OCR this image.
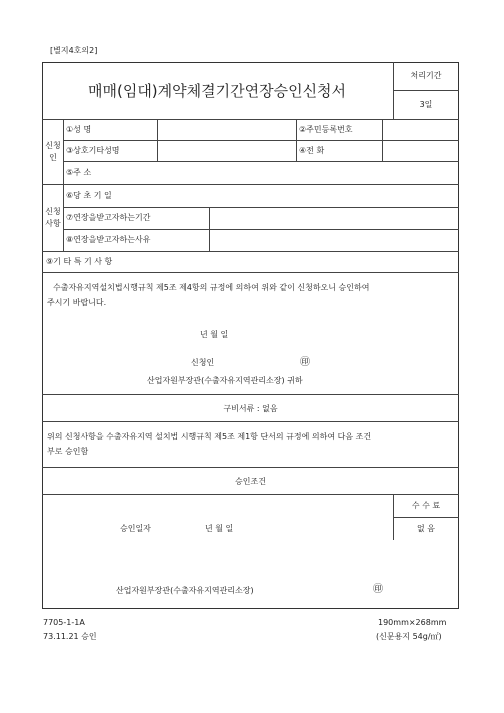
[별지4호의2]
매매(임대)계약체결기간연장승인신청서
처리기간
3일
신청인
①성 명	②주민등록번호
③상호기타성명	④전 화
⑤주 소
신청사항
⑥당 초 기 일
⑦연장을받고자하는기간
⑧연장을받고자하는사유
⑨기 타 특 기 사 항
수출자유지역설치법시행규칙 제5조 제4항의 규정에 의하여 위와 같이 신청하오니 승인하여
주시기 바랍니다.
년 월 일
신청인	㊞
산업자원부장관(수출자유지역관리소장) 귀하
구비서류 : 없음
위의 신청사항을 수출자유지역 설치법 시행규칙 제5조 제1항 단서의 규정에 의하여 다음 조건
부로 승인함
승인조건
승인일자	년 월 일
수 수 료
없 음
산업자원부장관(수출자유지역관리소장)	㊞
7705-1-1A
73.11.21 승인
190mm×268mm
(신문용지 54g/㎡)
